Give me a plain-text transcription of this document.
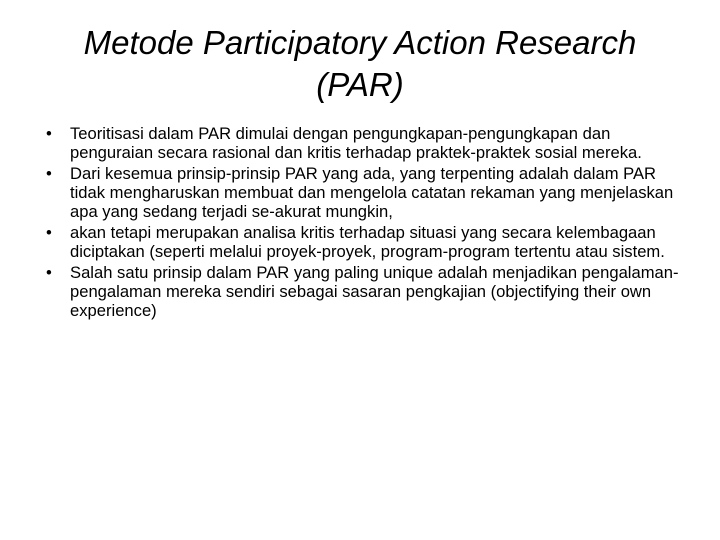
Metode Participatory Action Research
(PAR)
•	Teoritisasi dalam PAR dimulai dengan pengungkapan-pengungkapan dan penguraian secara rasional dan kritis terhadap praktek-praktek sosial mereka.
•	Dari kesemua prinsip-prinsip PAR yang ada, yang terpenting adalah dalam PAR tidak mengharuskan membuat dan mengelola catatan rekaman yang menjelaskan apa yang sedang terjadi se-akurat mungkin,
•	akan tetapi merupakan analisa kritis terhadap situasi yang secara kelembagaan diciptakan (seperti melalui proyek-proyek, program-program tertentu atau sistem.
•	Salah satu prinsip dalam PAR yang paling unique adalah menjadikan pengalaman-pengalaman mereka sendiri sebagai sasaran pengkajian (objectifying their own experience)
